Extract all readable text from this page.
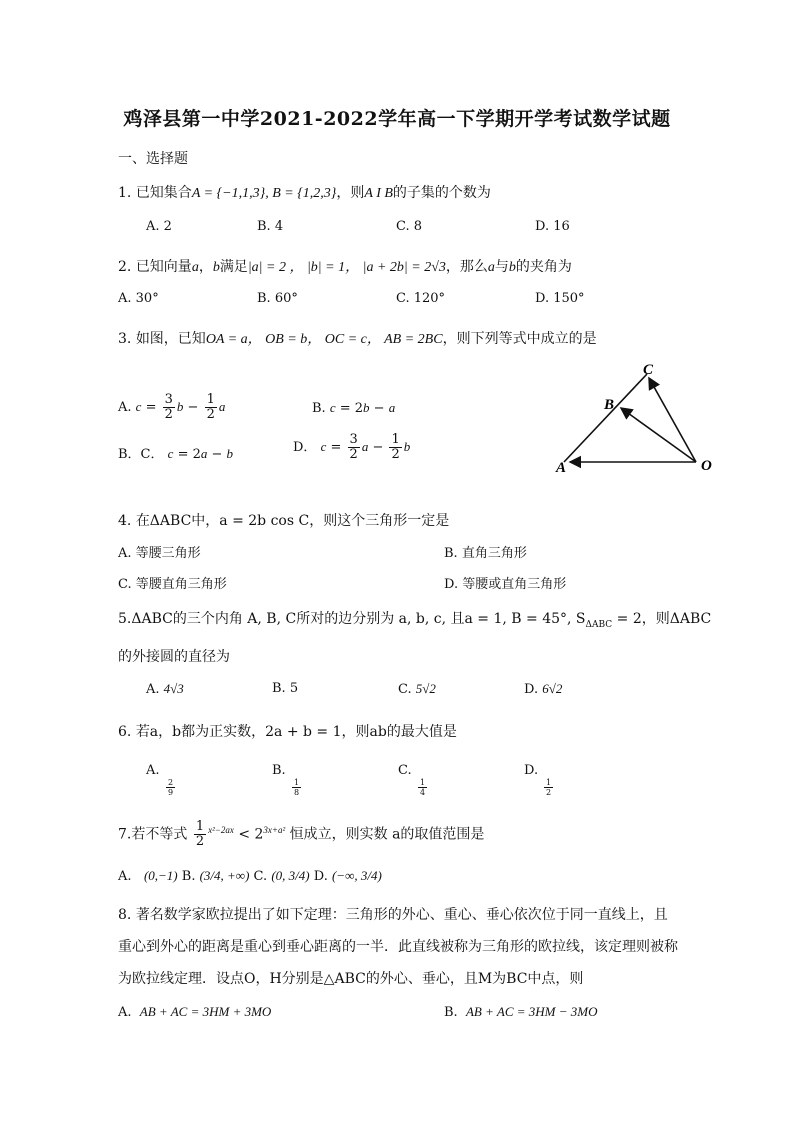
鸡泽县第一中学2021-2022学年高一下学期开学考试数学试题
一、选择题
1. 已知集合A = {−1,1,3}, B = {1,2,3}，则A I B的子集的个数为
A. 2	B. 4	C. 8	D. 16
2. 已知向量a，b满足|a| = 2 ， |b| = 1， |a + 2b| = 2√3，那么a与b的夹角为
A. 30°	B. 60°	C. 120°	D. 150°
3. 如图，已知OA = a， OB = b， OC = c， AB = 2BC，则下列等式中成立的是
A. $c = \frac{3}{2}$ $b - \frac{1}{2}$ a	B. c = 2b − a
B．C． c = 2a − b	D． $c = \frac{3}{2}$ $a - \frac{1}{2}$ b
C
B
A	O
4. 在ΔABC中，a = 2b cos C，则这个三角形一定是
A. 等腰三角形	B. 直角三角形
C. 等腰直角三角形	D. 等腰或直角三角形
5.ΔABC的三个内角 A, B, C所对的边分别为 a, b, c, 且a = 1, B = 45°, $S_{\Delta ABC} = 2$，则ΔABC
的外接圆的直径为
A. 4√3	B. 5	C. 5√2	D. 6√2
6. 若a，b都为正实数，2a + b = 1，则ab的最大值是
A.

$\frac{2}{9}$
B.

$\frac{1}{8}$
C.

$\frac{1}{4}$
D.

$\frac{1}{2}$
7.若不等式 $\frac{1}{2} ^{x^2-2ax} < 2^{3x+a^2}$ 恒成立，则实数 a的取值范围是
A. (0,−1) B. (3/4, +∞) C. (0, 3/4) D. (−∞, 3/4)
8. 著名数学家欧拉提出了如下定理：三角形的外心、重心、垂心依次位于同一直线上，且
重心到外心的距离是重心到垂心距离的一半．此直线被称为三角形的欧拉线，该定理则被称
为欧拉线定理．设点O，H分别是△ABC的外心、垂心，且M为BC中点，则
A. AB + AC = 3HM + 3MO	B. AB + AC = 3HM − 3MO
